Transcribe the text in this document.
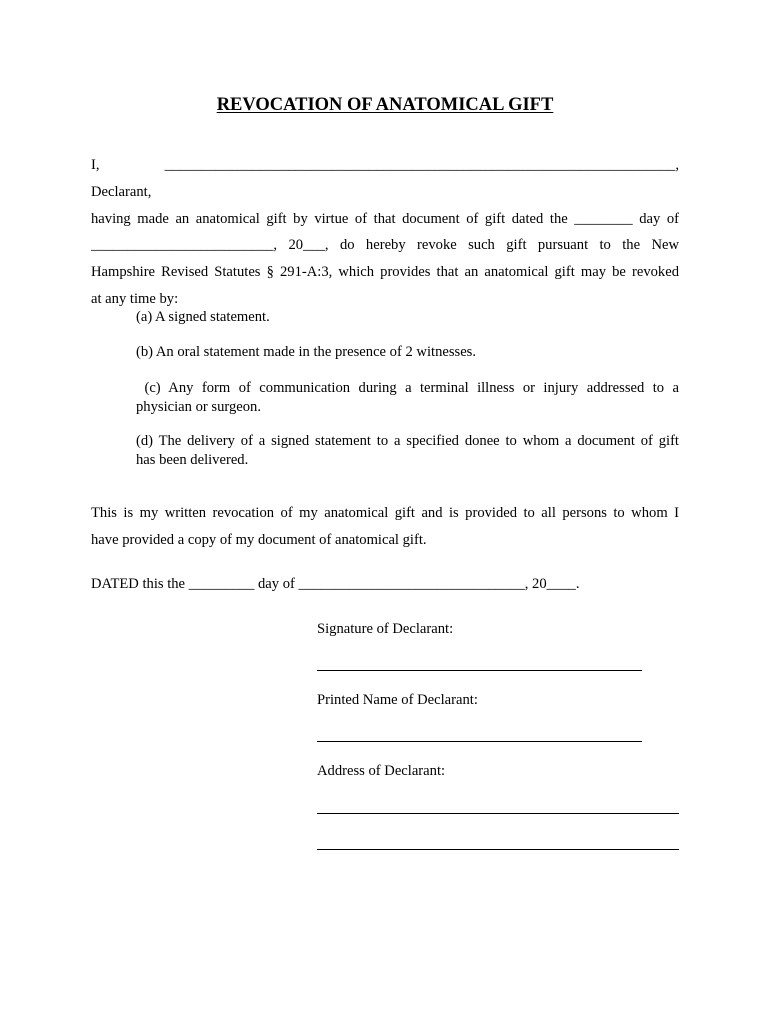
REVOCATION OF ANATOMICAL GIFT
I, ______________________________________________________________________, Declarant,
having made an anatomical gift by virtue of that document of gift dated the ________ day of
_________________________, 20___, do hereby revoke such gift pursuant to the New
Hampshire Revised Statutes § 291-A:3, which provides that an anatomical gift may be revoked
at any time by:
(a) A signed statement.
(b) An oral statement made in the presence of 2 witnesses.
(c) Any form of communication during a terminal illness or injury addressed to a
physician or surgeon.
(d) The delivery of a signed statement to a specified donee to whom a document of gift
has been delivered.
This is my written revocation of my anatomical gift and is provided to all persons to whom I
have provided a copy of my document of anatomical gift.
DATED this the _________ day of _______________________________, 20____.
Signature of Declarant:
Printed Name of Declarant:
Address of Declarant:
